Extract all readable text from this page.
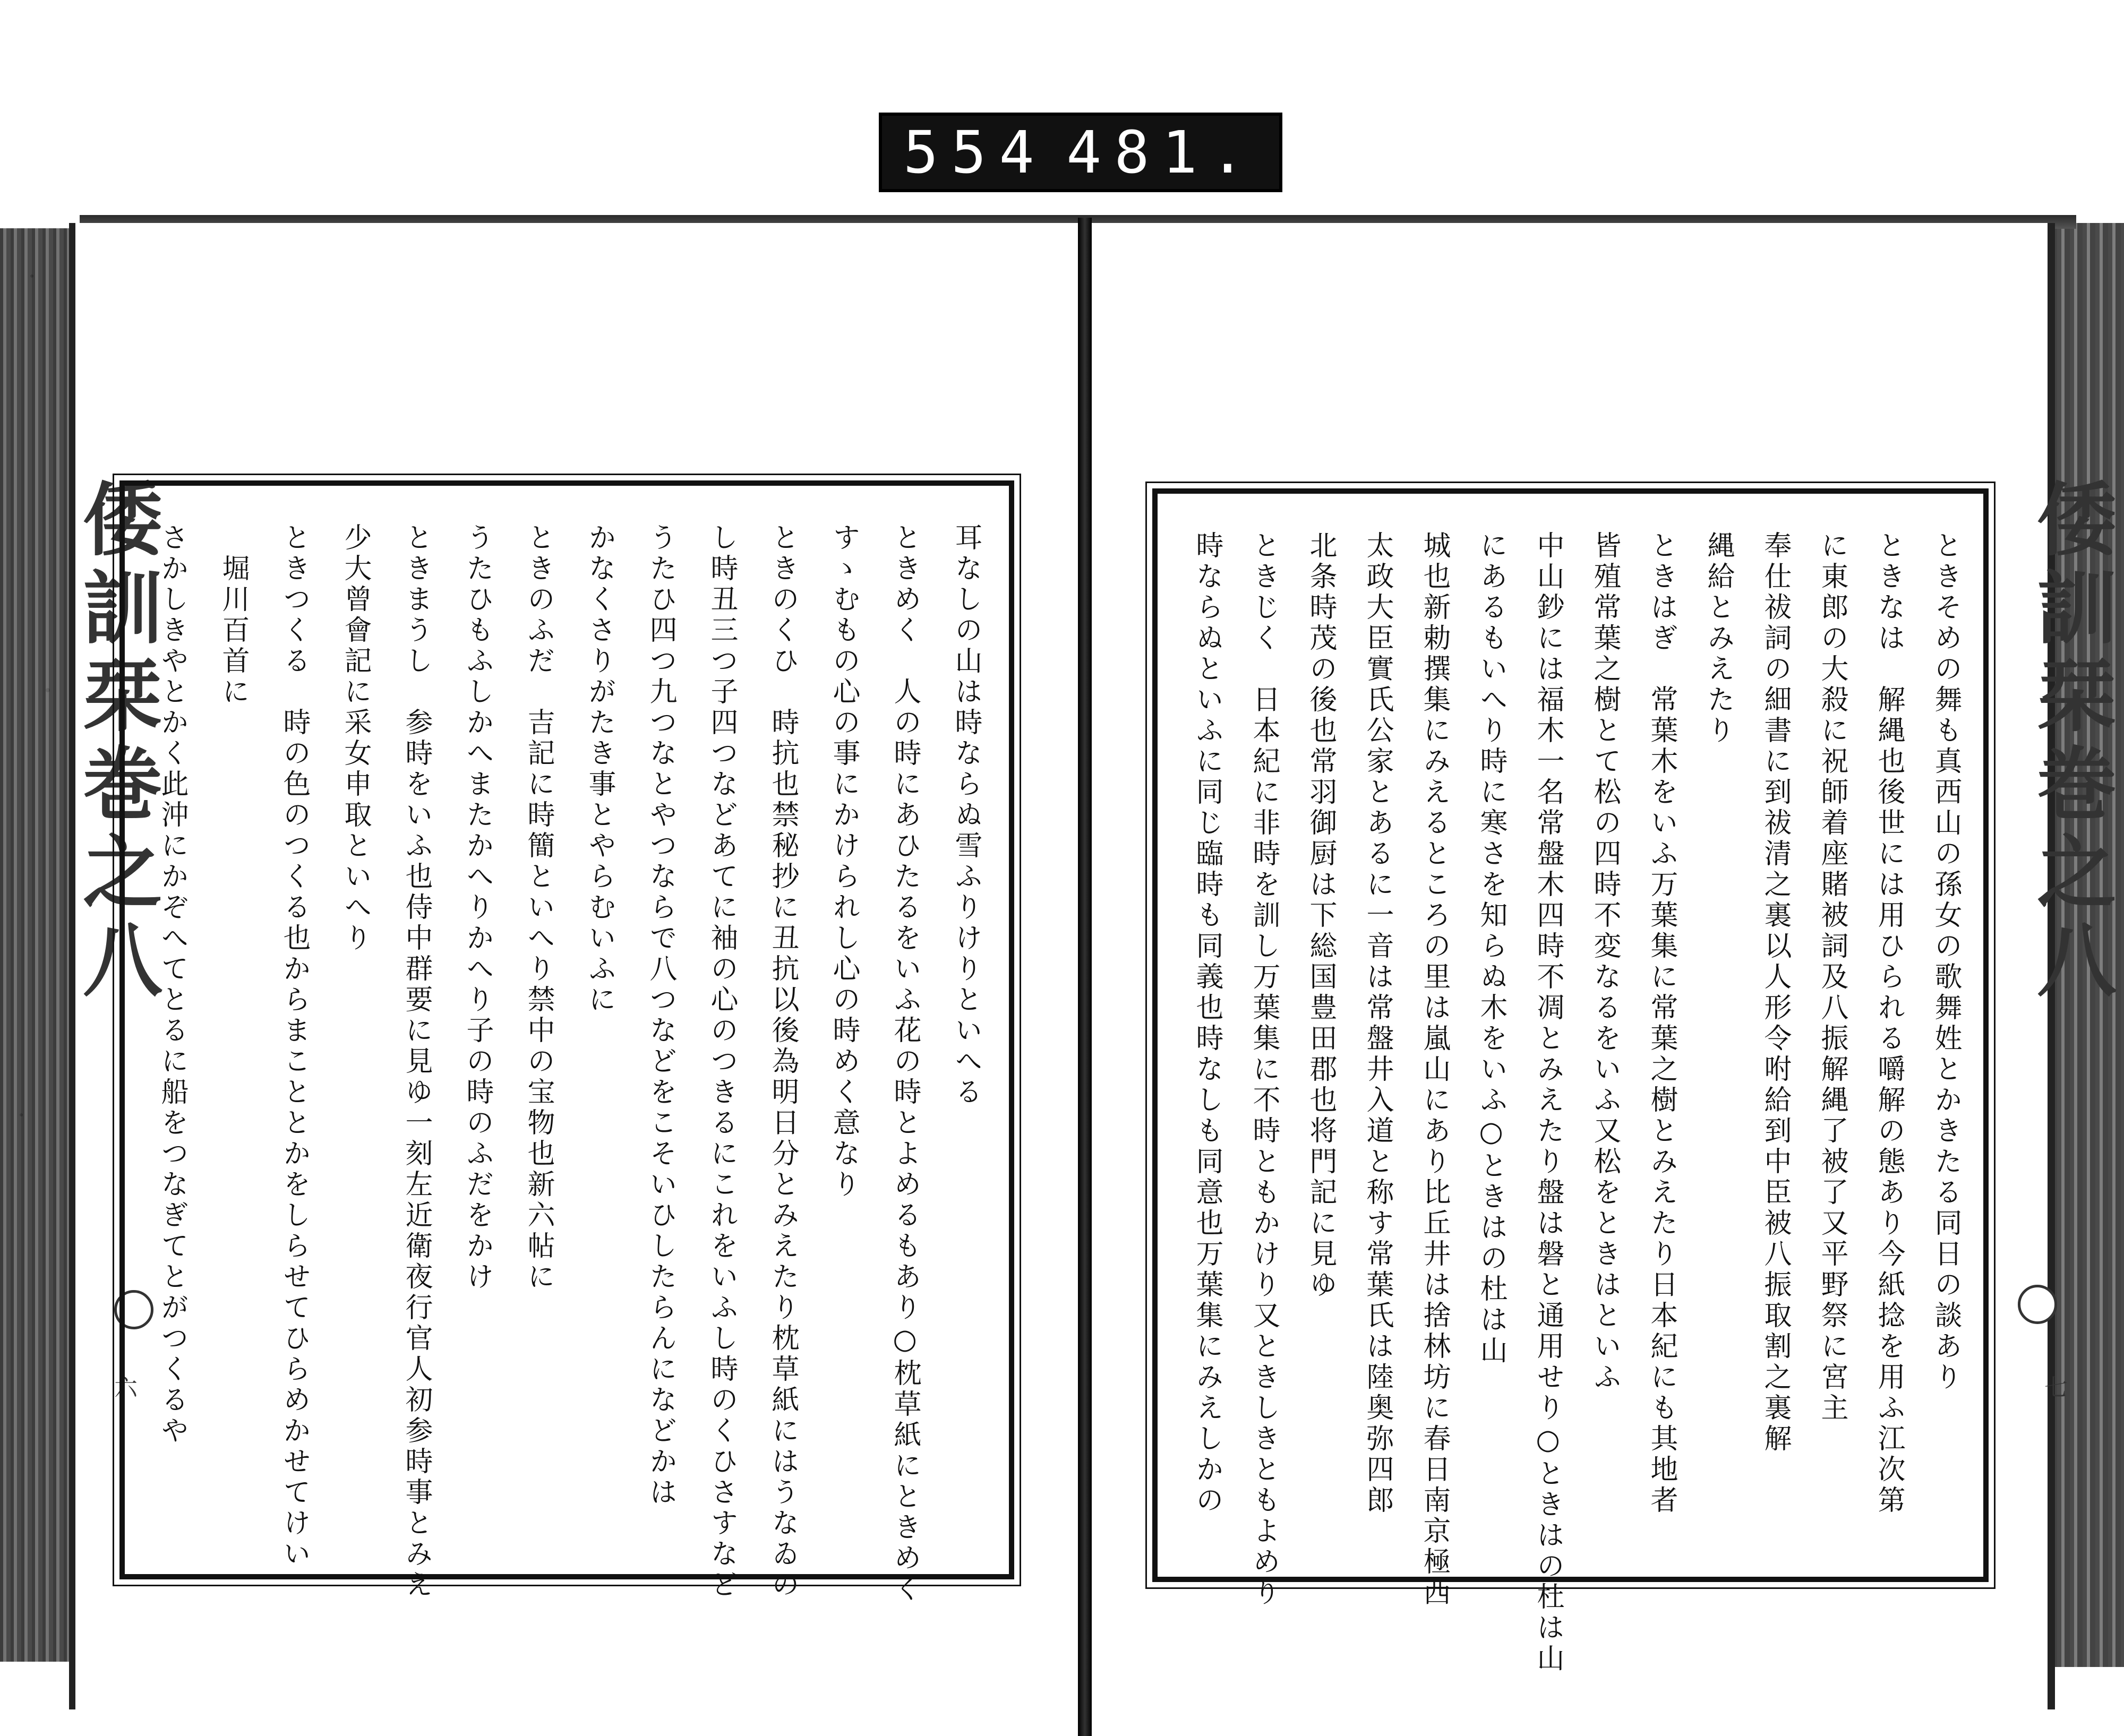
554 481.
倭訓栞巻之八	倭訓栞巻之八
六	七
耳なしの山は時ならぬ雪ふりけりといへる
ときめく　人の時にあひたるをいふ花の時とよめるもあり○枕草紙にときめく
すゝむもの心の事にかけられし心の時めく意なり
ときのくひ　時抗也禁秘抄に丑抗以後為明日分とみえたり枕草紙にはうなゐの
し時丑三つ子四つなどあてに袖の心のつきるにこれをいふし時のくひさすなど
うたひ四つ九つなとやつならで八つなどをこそいひしたらんになどかは
かなくさりがたき事とやらむいふに
ときのふだ　吉記に時簡といへり禁中の宝物也新六帖に
うたひもふしかへまたかへりかへり子の時のふだをかけ
ときまうし　参時をいふ也侍中群要に見ゆ一刻左近衛夜行官人初参時事とみえ
少大曾會記に采女申取といへり
ときつくる　時の色のつくる也からまこととかをしらせてひらめかせてけい
　堀川百首に
さかしきやとかく此沖にかぞへてとるに船をつなぎてとがつくるや	ときそめの舞も真西山の孫女の歌舞姓とかきたる同日の談あり
ときなは　解縄也後世には用ひられる嚼解の態あり今紙捻を用ふ江次第
に東郎の大殺に祝師着座賭被詞及八振解縄了被了又平野祭に宮主
奉仕祓詞の細書に到祓清之裏以人形令咐給到中臣被八振取割之裏解
縄給とみえたり
ときはぎ　常葉木をいふ万葉集に常葉之樹とみえたり日本紀にも其地者
皆殖常葉之樹とて松の四時不変なるをいふ又松をときはといふ
中山鈔には福木一名常盤木四時不凋とみえたり盤は磐と通用せり○ときはの杜は山
にあるもいへり時に寒さを知らぬ木をいふ○ときはの杜は山
城也新勅撰集にみえるところの里は嵐山にあり比丘井は捨林坊に春日南京極西
太政大臣實氏公家とあるに一音は常盤井入道と称す常葉氏は陸奥弥四郎
北条時茂の後也常羽御厨は下総国豊田郡也将門記に見ゆ
ときじく　日本紀に非時を訓し万葉集に不時ともかけり又ときしきともよめり
時ならぬといふに同じ臨時も同義也時なしも同意也万葉集にみえしかの
